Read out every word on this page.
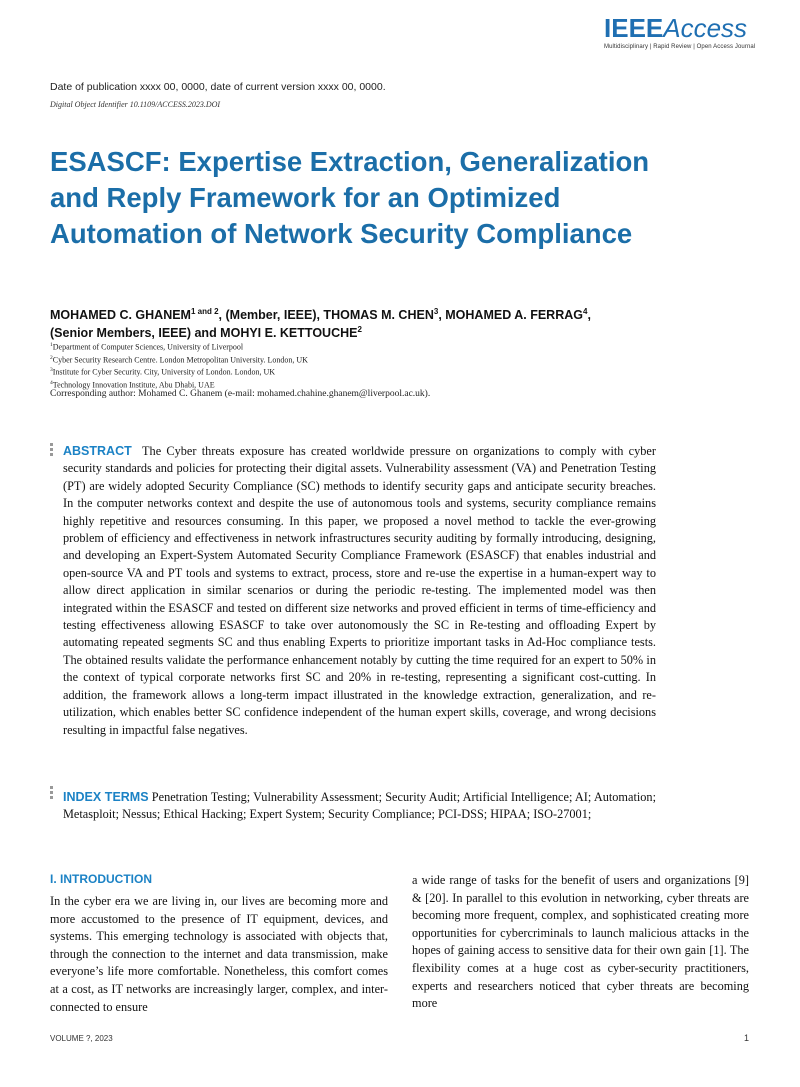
IEEEAccess
Multidisciplinary | Rapid Review | Open Access Journal
Date of publication xxxx 00, 0000, date of current version xxxx 00, 0000.
Digital Object Identifier 10.1109/ACCESS.2023.DOI
ESASCF: Expertise Extraction, Generalization and Reply Framework for an Optimized Automation of Network Security Compliance
MOHAMED C. $GHANEM^{1 and 2}$, (Member, IEEE), THOMAS M. CHEN$^3$, MOHAMED A. FERRAG$^4$, (Senior Members, IEEE) and MOHYI E. KETTOUCHE$^2$
$^1$Department of Computer Sciences, University of Liverpool
$^2$Cyber Security Research Centre. London Metropolitan University. London, UK
$^3$Institute for Cyber Security. City, University of London. London, UK
$^4$Technology Innovation Institute, Abu Dhabi, UAE
Corresponding author: Mohamed C. Ghanem (e-mail: mohamed.chahine.ghanem@liverpool.ac.uk).

ABSTRACT The Cyber threats exposure has created worldwide pressure on organizations to comply with cyber security standards and policies for protecting their digital assets. Vulnerability assessment (VA) and Penetration Testing (PT) are widely adopted Security Compliance (SC) methods to identify security gaps and anticipate security breaches. In the computer networks context and despite the use of autonomous tools and systems, security compliance remains highly repetitive and resources consuming. In this paper, we proposed a novel method to tackle the ever-growing problem of efficiency and effectiveness in network infrastructures security auditing by formally introducing, designing, and developing an Expert-System Automated Security Compliance Framework (ESASCF) that enables industrial and open-source VA and PT tools and systems to extract, process, store and re-use the expertise in a human-expert way to allow direct application in similar scenarios or during the periodic re-testing. The implemented model was then integrated within the ESASCF and tested on different size networks and proved efficient in terms of time-efficiency and testing effectiveness allowing ESASCF to take over autonomously the SC in Re-testing and offloading Expert by automating repeated segments SC and thus enabling Experts to prioritize important tasks in Ad-Hoc compliance tests. The obtained results validate the performance enhancement notably by cutting the time required for an expert to 50% in the context of typical corporate networks first SC and 20% in re-testing, representing a significant cost-cutting. In addition, the framework allows a long-term impact illustrated in the knowledge extraction, generalization, and re-utilization, which enables better SC confidence independent of the human expert skills, coverage, and wrong decisions resulting in impactful false negatives.

INDEX TERMS Penetration Testing; Vulnerability Assessment; Security Audit; Artificial Intelligence; AI; Automation; Metasploit; Nessus; Ethical Hacking; Expert System; Security Compliance; PCI-DSS; HIPAA; ISO-27001;

I. INTRODUCTION

In the cyber era we are living in, our lives are becoming more and more accustomed to the presence of IT equipment, devices, and systems. This emerging technology is associated with objects that, through the connection to the internet and data transmission, make everyone’s life more comfortable. Nonetheless, this comfort comes at a cost, as IT networks are increasingly larger, complex, and inter-connected to ensure

a wide range of tasks for the benefit of users and organizations [9] & [20]. In parallel to this evolution in networking, cyber threats are becoming more frequent, complex, and sophisticated creating more opportunities for cybercriminals to launch malicious attacks in the hopes of gaining access to sensitive data for their own gain [1]. The flexibility comes at a huge cost as cyber-security practitioners, experts and researchers noticed that cyber threats are becoming more

VOLUME ?, 2023	1
